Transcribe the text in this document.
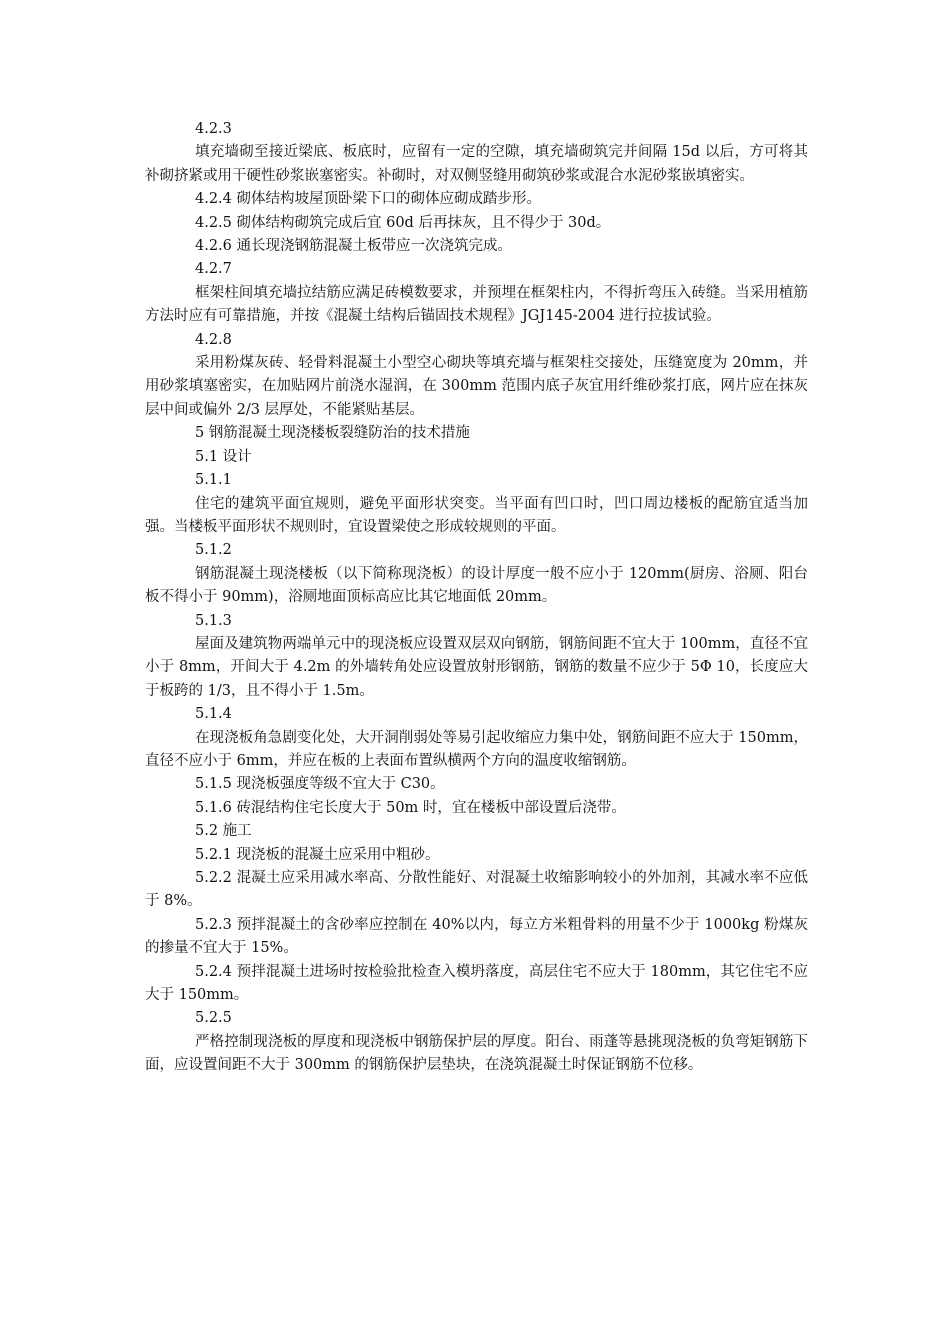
4.2.3

填充墙砌至接近梁底、板底时，应留有一定的空隙，填充墙砌筑完并间隔 15d 以后，方可将其补砌挤紧或用干硬性砂浆嵌塞密实。补砌时，对双侧竖缝用砌筑砂浆或混合水泥砂浆嵌填密实。

4.2.4 砌体结构坡屋顶卧梁下口的砌体应砌成踏步形。

4.2.5 砌体结构砌筑完成后宜 60d 后再抹灰，且不得少于 30d。

4.2.6 通长现浇钢筋混凝土板带应一次浇筑完成。

4.2.7

框架柱间填充墙拉结筋应满足砖模数要求，并预埋在框架柱内，不得折弯压入砖缝。当采用植筋方法时应有可靠措施，并按《混凝土结构后锚固技术规程》JGJ145-2004 进行拉拔试验。

4.2.8

采用粉煤灰砖、轻骨料混凝土小型空心砌块等填充墙与框架柱交接处，压缝宽度为 20mm，并用砂浆填塞密实，在加贴网片前浇水湿润，在 300mm 范围内底子灰宜用纤维砂浆打底，网片应在抹灰层中间或偏外 2/3 层厚处，不能紧贴基层。

5 钢筋混凝土现浇楼板裂缝防治的技术措施

5.1 设计

5.1.1

住宅的建筑平面宜规则，避免平面形状突变。当平面有凹口时，凹口周边楼板的配筋宜适当加强。当楼板平面形状不规则时，宜设置梁使之形成较规则的平面。

5.1.2

钢筋混凝土现浇楼板（以下简称现浇板）的设计厚度一般不应小于 120mm(厨房、浴厕、阳台板不得小于 90mm)，浴厕地面顶标高应比其它地面低 20mm。

5.1.3

屋面及建筑物两端单元中的现浇板应设置双层双向钢筋，钢筋间距不宜大于 100mm，直径不宜小于 8mm，开间大于 4.2m 的外墙转角处应设置放射形钢筋，钢筋的数量不应少于 5Φ 10，长度应大于板跨的 1/3，且不得小于 1.5m。

5.1.4

在现浇板角急剧变化处，大开洞削弱处等易引起收缩应力集中处，钢筋间距不应大于 150mm，直径不应小于 6mm，并应在板的上表面布置纵横两个方向的温度收缩钢筋。

5.1.5 现浇板强度等级不宜大于 C30。

5.1.6 砖混结构住宅长度大于 50m 时，宜在楼板中部设置后浇带。

5.2 施工

5.2.1 现浇板的混凝土应采用中粗砂。

5.2.2 混凝土应采用减水率高、分散性能好、对混凝土收缩影响较小的外加剂，其减水率不应低于 8%。

5.2.3 预拌混凝土的含砂率应控制在 40%以内，每立方米粗骨料的用量不少于 1000kg 粉煤灰的掺量不宜大于 15%。

5.2.4 预拌混凝土进场时按检验批检查入模坍落度，高层住宅不应大于 180mm，其它住宅不应大于 150mm。

5.2.5

严格控制现浇板的厚度和现浇板中钢筋保护层的厚度。阳台、雨蓬等悬挑现浇板的负弯矩钢筋下面，应设置间距不大于 300mm 的钢筋保护层垫块，在浇筑混凝土时保证钢筋不位移。
